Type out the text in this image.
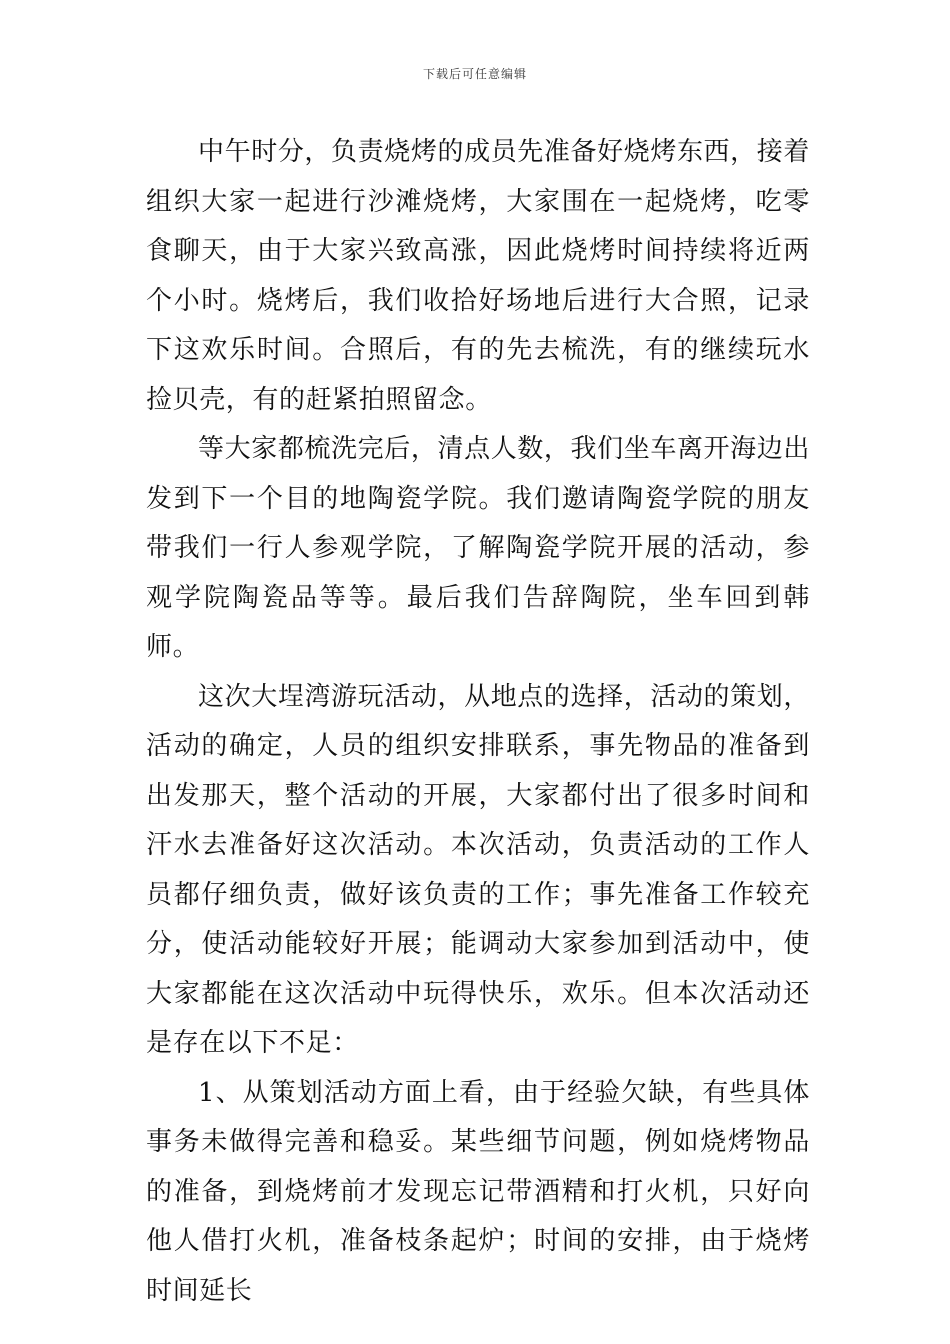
下载后可任意编辑

中午时分，负责烧烤的成员先准备好烧烤东西，接着组织大家一起进行沙滩烧烤，大家围在一起烧烤，吃零食聊天，由于大家兴致高涨，因此烧烤时间持续将近两个小时。烧烤后，我们收拾好场地后进行大合照，记录下这欢乐时间。合照后，有的先去梳洗，有的继续玩水捡贝壳，有的赶紧拍照留念。

等大家都梳洗完后，清点人数，我们坐车离开海边出发到下一个目的地陶瓷学院。我们邀请陶瓷学院的朋友带我们一行人参观学院，了解陶瓷学院开展的活动，参观学院陶瓷品等等。最后我们告辞陶院，坐车回到韩师。

这次大埕湾游玩活动，从地点的选择，活动的策划，活动的确定，人员的组织安排联系，事先物品的准备到出发那天，整个活动的开展，大家都付出了很多时间和汗水去准备好这次活动。本次活动，负责活动的工作人员都仔细负责，做好该负责的工作；事先准备工作较充分，使活动能较好开展；能调动大家参加到活动中，使大家都能在这次活动中玩得快乐，欢乐。但本次活动还是存在以下不足：

1、从策划活动方面上看，由于经验欠缺，有些具体事务未做得完善和稳妥。某些细节问题，例如烧烤物品的准备，到烧烤前才发现忘记带酒精和打火机，只好向他人借打火机，准备枝条起炉；时间的安排，由于烧烤时间延长
